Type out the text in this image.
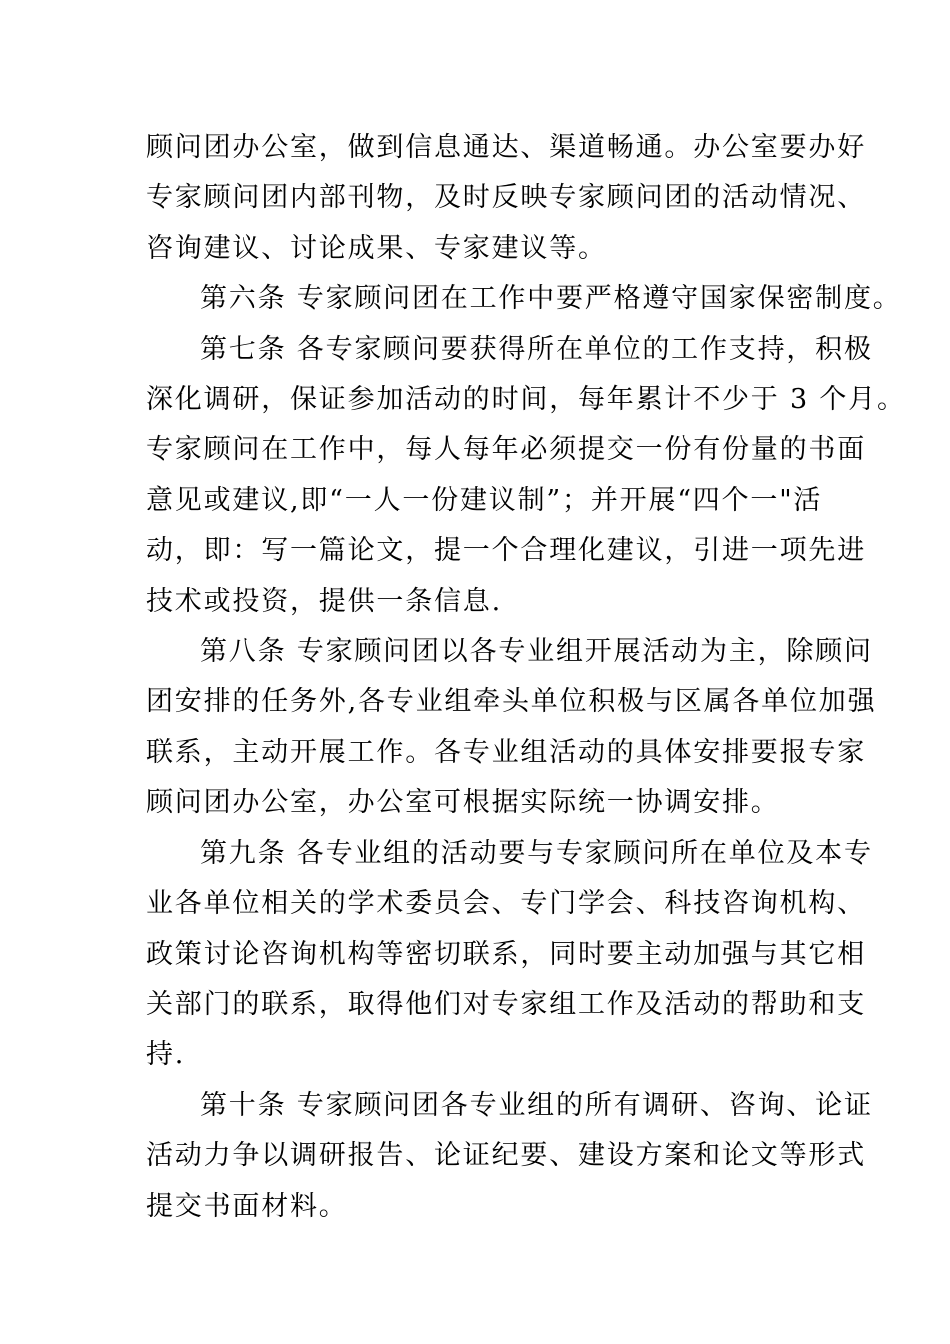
顾问团办公室，做到信息通达、渠道畅通。办公室要办好
专家顾问团内部刊物，及时反映专家顾问团的活动情况、
咨询建议、讨论成果、专家建议等。

第六条 专家顾问团在工作中要严格遵守国家保密制度。

第七条 各专家顾问要获得所在单位的工作支持，积极
深化调研，保证参加活动的时间，每年累计不少于 3 个月。
专家顾问在工作中，每人每年必须提交一份有份量的书面
意见或建议,即“一人一份建议制”；并开展“四个一"活
动，即：写一篇论文，提一个合理化建议，引进一项先进
技术或投资，提供一条信息.

第八条 专家顾问团以各专业组开展活动为主，除顾问
团安排的任务外,各专业组牵头单位积极与区属各单位加强
联系，主动开展工作。各专业组活动的具体安排要报专家
顾问团办公室，办公室可根据实际统一协调安排。

第九条 各专业组的活动要与专家顾问所在单位及本专
业各单位相关的学术委员会、专门学会、科技咨询机构、
政策讨论咨询机构等密切联系，同时要主动加强与其它相
关部门的联系，取得他们对专家组工作及活动的帮助和支
持.

第十条 专家顾问团各专业组的所有调研、咨询、论证
活动力争以调研报告、论证纪要、建设方案和论文等形式
提交书面材料。
